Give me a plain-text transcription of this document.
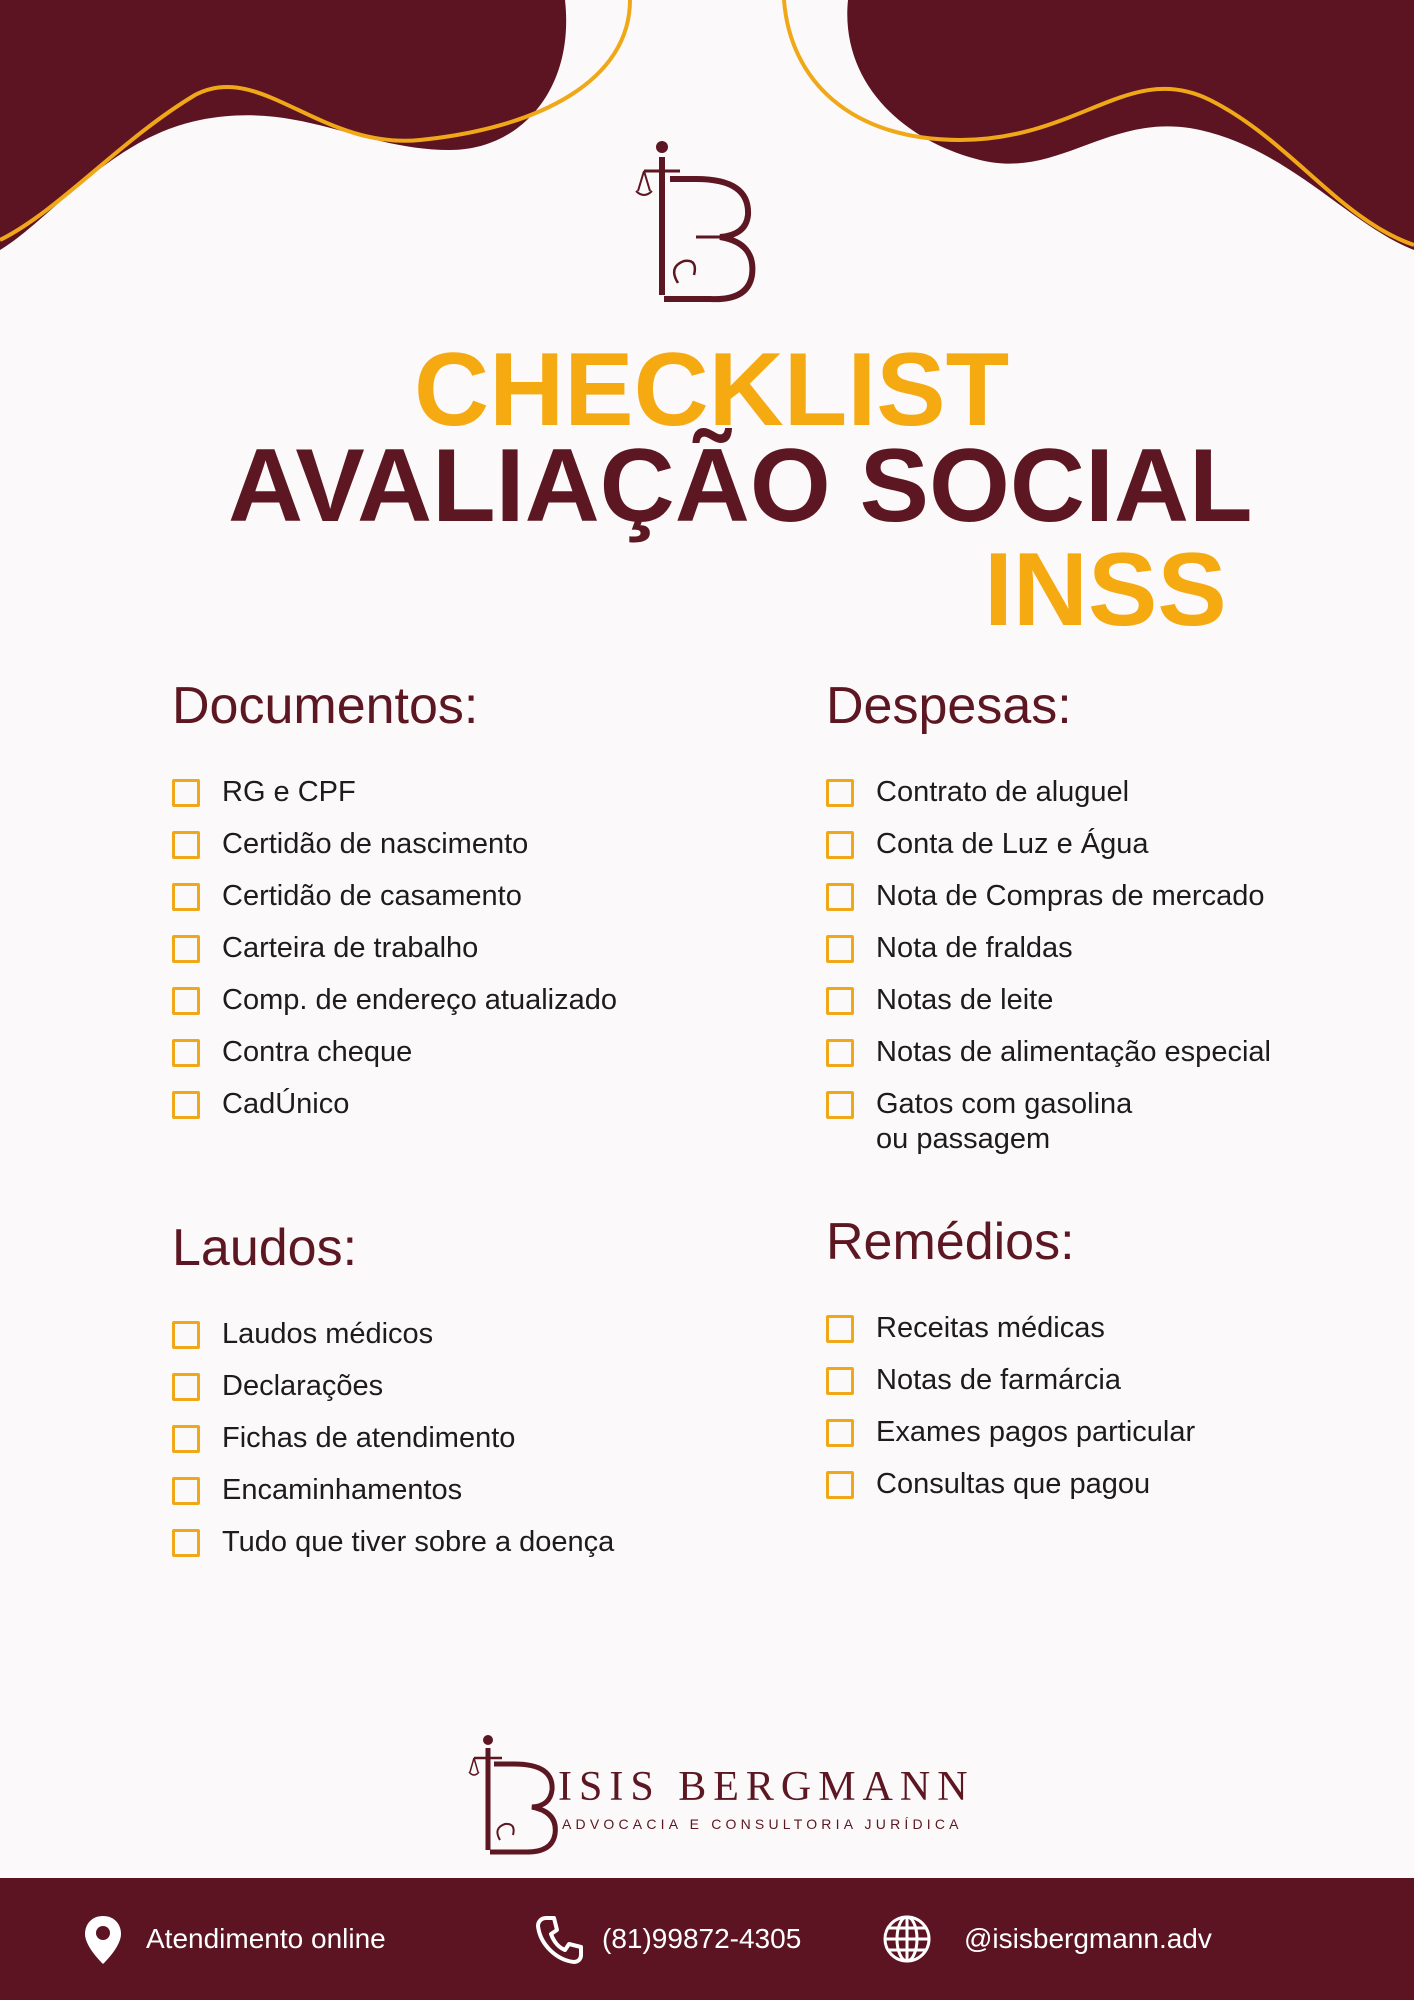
CHECKLIST
AVALIAÇÃO SOCIAL
INSS
Documentos:
RG e CPF
Certidão de nascimento
Certidão de casamento
Carteira de trabalho
Comp. de endereço atualizado
Contra cheque
CadÚnico
Despesas:
Contrato de aluguel
Conta de Luz e Água
Nota de Compras de mercado
Nota de fraldas
Notas de leite
Notas de alimentação especial
Gatos com gasolina
ou passagem
Laudos:
Laudos médicos
Declarações
Fichas de atendimento
Encaminhamentos
Tudo que tiver sobre a doença
Remédios:
Receitas médicas
Notas de farmárcia
Exames pagos particular
Consultas que pagou

ISIS BERGMANN

ADVOCACIA E CONSULTORIA JURÍDICA

Atendimento online	(81)99872-4305	@isisbergmann.adv
